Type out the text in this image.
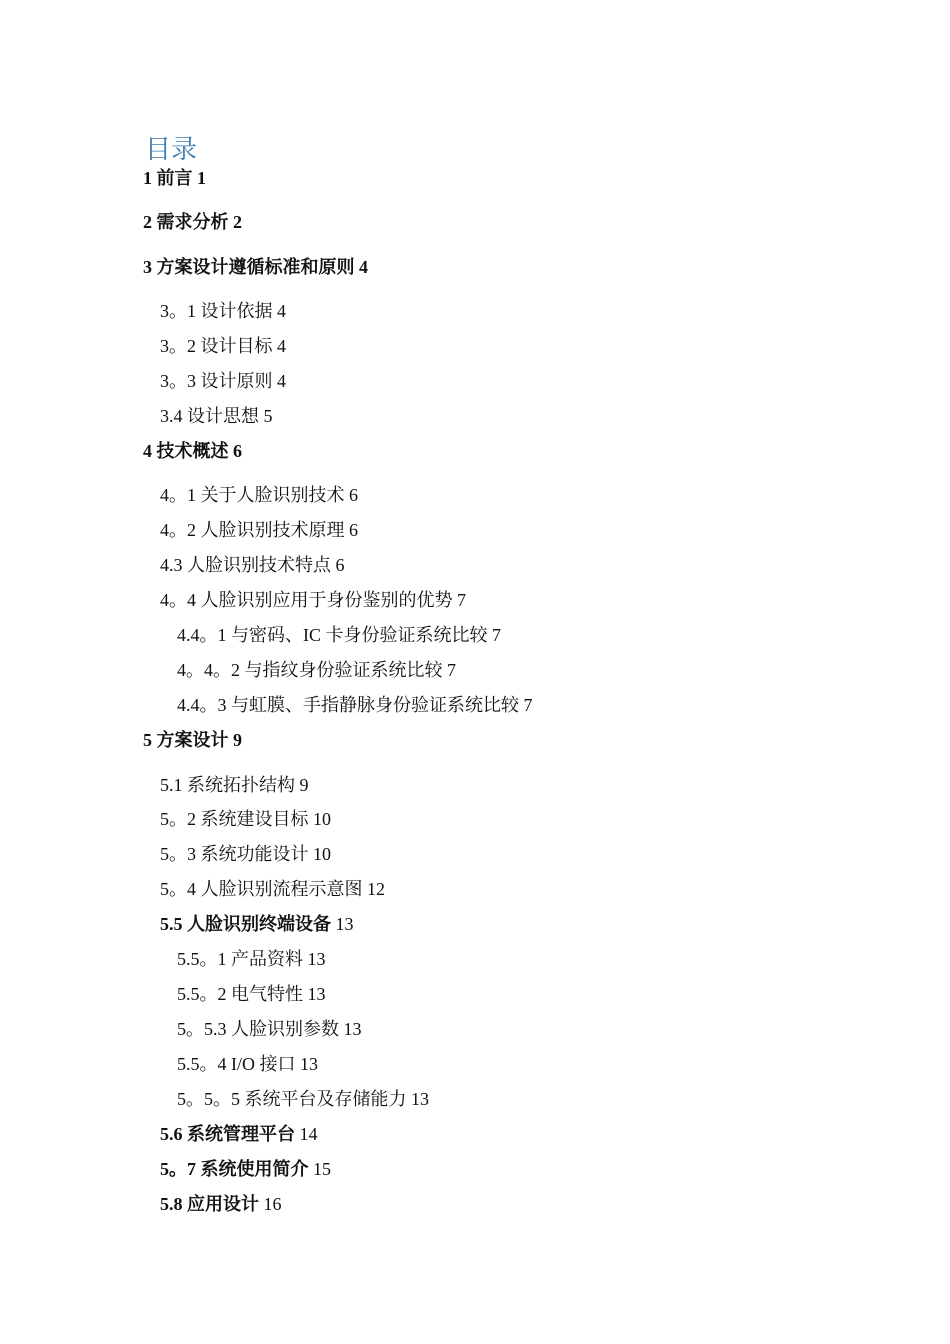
目录
1 前言 1
2 需求分析 2
3 方案设计遵循标准和原则 4
3。1 设计依据 4
3。2 设计目标 4
3。3 设计原则 4
3.4 设计思想 5
4 技术概述 6
4。1 关于人脸识别技术 6
4。2 人脸识别技术原理 6
4.3 人脸识别技术特点 6
4。4 人脸识别应用于身份鉴别的优势 7
4.4。1 与密码、IC 卡身份验证系统比较 7
4。4。2 与指纹身份验证系统比较 7
4.4。3 与虹膜、手指静脉身份验证系统比较 7
5 方案设计 9
5.1 系统拓扑结构 9
5。2 系统建设目标 10
5。3 系统功能设计 10
5。4 人脸识别流程示意图 12
5.5 人脸识别终端设备 13
5.5。1 产品资料 13
5.5。2 电气特性 13
5。5.3 人脸识别参数 13
5.5。4 I/O 接口 13
5。5。5 系统平台及存储能力 13
5.6 系统管理平台 14
5。7 系统使用简介 15
5.8 应用设计 16
